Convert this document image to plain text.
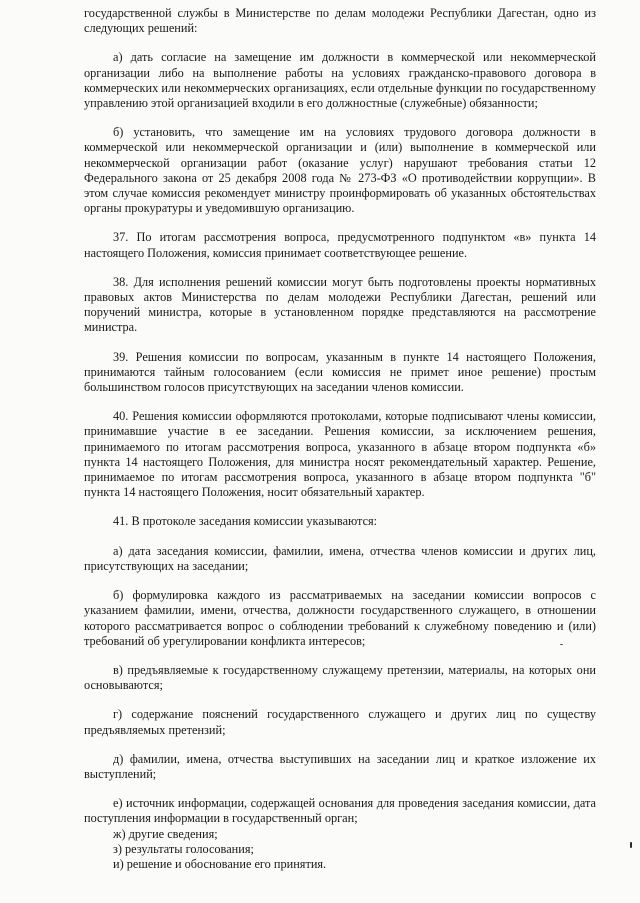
государственной службы в Министерстве по делам молодежи Республики Дагестан, одно из следующих решений:

а) дать согласие на замещение им должности в коммерческой или некоммерческой организации либо на выполнение работы на условиях гражданско-правового договора в коммерческих или некоммерческих организациях, если отдельные функции по государственному управлению этой организацией входили в его должностные (служебные) обязанности;

б) установить, что замещение им на условиях трудового договора должности в коммерческой или некоммерческой организации и (или) выполнение в коммерческой или некоммерческой организации работ (оказание услуг) нарушают требования статьи 12 Федерального закона от 25 декабря 2008 года № 273-ФЗ «О противодействии коррупции». В этом случае комиссия рекомендует министру проинформировать об указанных обстоятельствах органы прокуратуры и уведомившую организацию.

37. По итогам рассмотрения вопроса, предусмотренного подпунктом «в» пункта 14 настоящего Положения, комиссия принимает соответствующее решение.

38. Для исполнения решений комиссии могут быть подготовлены проекты нормативных правовых актов Министерства по делам молодежи Республики Дагестан, решений или поручений министра, которые в установленном порядке представляются на рассмотрение министра.

39. Решения комиссии по вопросам, указанным в пункте 14 настоящего Положения, принимаются тайным голосованием (если комиссия не примет иное решение) простым большинством голосов присутствующих на заседании членов комиссии.

40. Решения комиссии оформляются протоколами, которые подписывают члены комиссии, принимавшие участие в ее заседании. Решения комиссии, за исключением решения, принимаемого по итогам рассмотрения вопроса, указанного в абзаце втором подпункта «б» пункта 14 настоящего Положения, для министра носят рекомендательный характер. Решение, принимаемое по итогам рассмотрения вопроса, указанного в абзаце втором подпункта "б" пункта 14 настоящего Положения, носит обязательный характер.

41. В протоколе заседания комиссии указываются:

а) дата заседания комиссии, фамилии, имена, отчества членов комиссии и других лиц, присутствующих на заседании;

б) формулировка каждого из рассматриваемых на заседании комиссии вопросов с указанием фамилии, имени, отчества, должности государственного служащего, в отношении которого рассматривается вопрос о соблюдении требований к служебному поведению и (или) требований об урегулировании конфликта интересов;

в) предъявляемые к государственному служащему претензии, материалы, на которых они основываются;

г) содержание пояснений государственного служащего и других лиц по существу предъявляемых претензий;

д) фамилии, имена, отчества выступивших на заседании лиц и краткое изложение их выступлений;

е) источник информации, содержащей основания для проведения заседания комиссии, дата поступления информации в государственный орган;

ж) другие сведения;

з) результаты голосования;

и) решение и обоснование его принятия.
